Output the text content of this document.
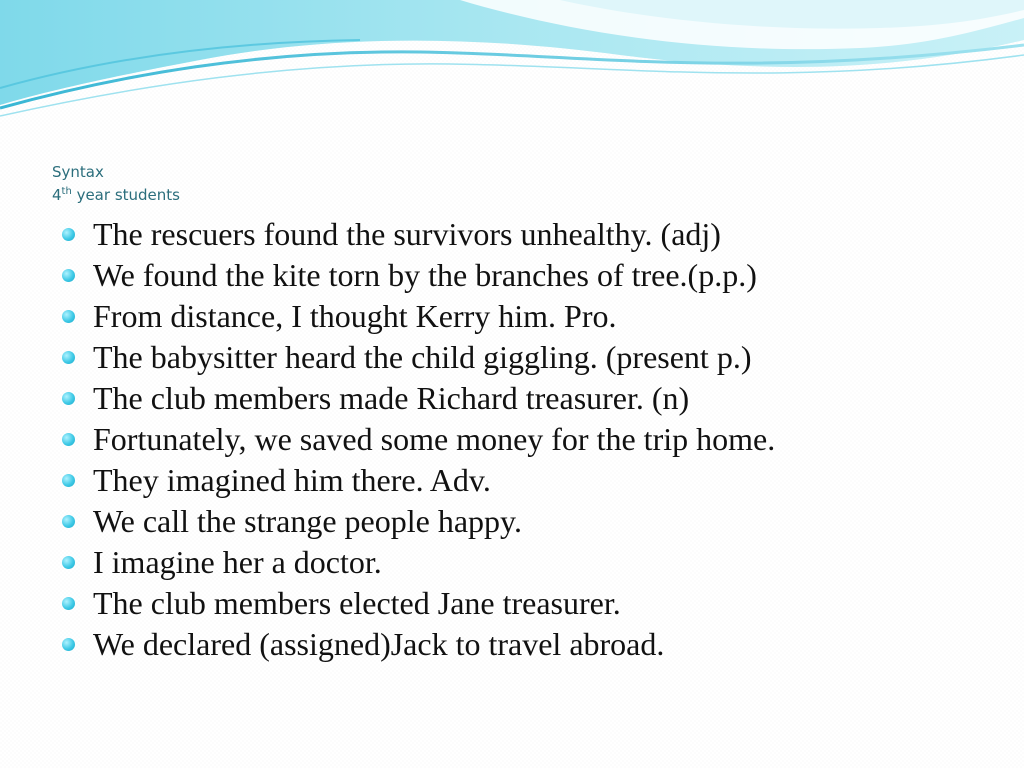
Syntax
4th year students
The rescuers found the survivors unhealthy. (adj)
We found the kite torn by the branches of tree.(p.p.)
From distance, I thought Kerry him. Pro.
The babysitter heard the child giggling. (present p.)
The club members made Richard treasurer. (n)
Fortunately, we saved some money for the trip home.
They imagined him there. Adv.
We call the strange people happy.
I imagine her a doctor.
The club members elected Jane treasurer.
We declared (assigned)Jack to travel abroad.
